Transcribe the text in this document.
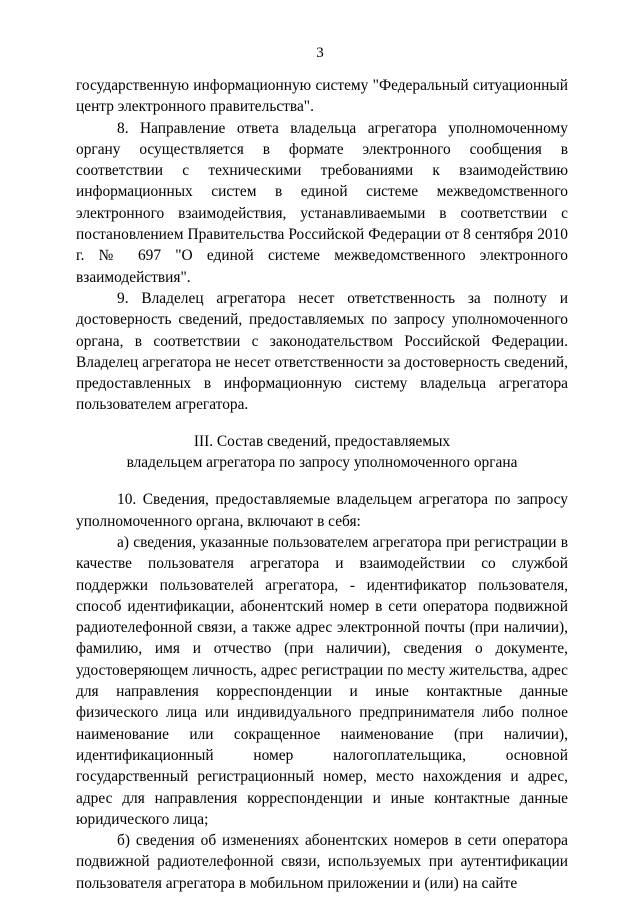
3

государственную информационную систему "Федеральный ситуационный центр электронного правительства".

8. Направление ответа владельца агрегатора уполномоченному органу осуществляется в формате электронного сообщения в соответствии с техническими требованиями к взаимодействию информационных систем в единой системе межведомственного электронного взаимодействия, устанавливаемыми в соответствии с постановлением Правительства Российской Федерации от 8 сентября 2010 г. № 697 "О единой системе межведомственного электронного взаимодействия".

9. Владелец агрегатора несет ответственность за полноту и достоверность сведений, предоставляемых по запросу уполномоченного органа, в соответствии с законодательством Российской Федерации. Владелец агрегатора не несет ответственности за достоверность сведений, предоставленных в информационную систему владельца агрегатора пользователем агрегатора.

III. Состав сведений, предоставляемых
владельцем агрегатора по запросу уполномоченного органа

10. Сведения, предоставляемые владельцем агрегатора по запросу уполномоченного органа, включают в себя:

а) сведения, указанные пользователем агрегатора при регистрации в качестве пользователя агрегатора и взаимодействии со службой поддержки пользователей агрегатора, - идентификатор пользователя, способ идентификации, абонентский номер в сети оператора подвижной радиотелефонной связи, а также адрес электронной почты (при наличии), фамилию, имя и отчество (при наличии), сведения о документе, удостоверяющем личность, адрес регистрации по месту жительства, адрес для направления корреспонденции и иные контактные данные физического лица или индивидуального предпринимателя либо полное наименование или сокращенное наименование (при наличии), идентификационный номер налогоплательщика, основной государственный регистрационный номер, место нахождения и адрес, адрес для направления корреспонденции и иные контактные данные юридического лица;

б) сведения об изменениях абонентских номеров в сети оператора подвижной радиотелефонной связи, используемых при аутентификации пользователя агрегатора в мобильном приложении и (или) на сайте
